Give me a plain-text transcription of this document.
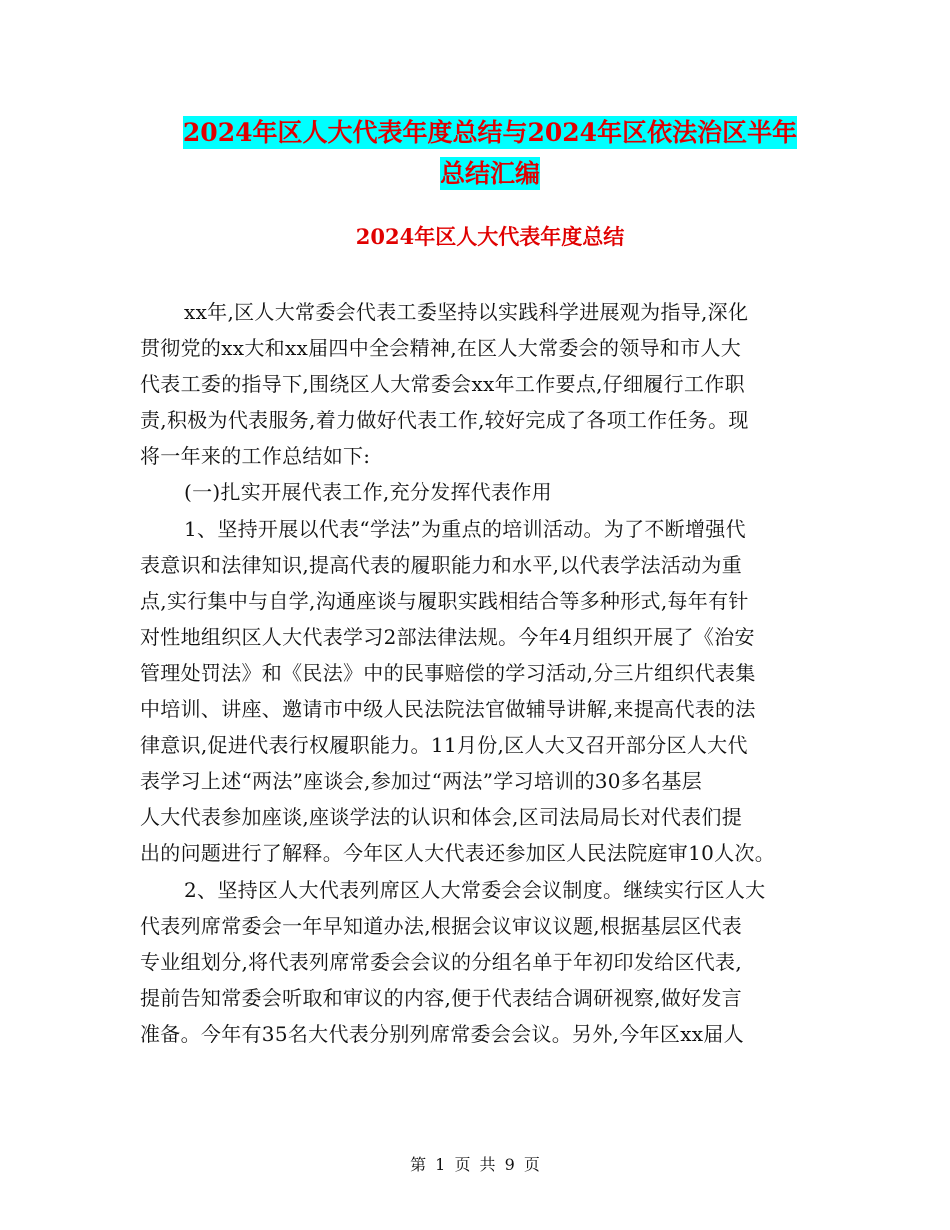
2024年区人大代表年度总结与2024年区依法治区半年
总结汇编
2024年区人大代表年度总结
xx年,区人大常委会代表工委坚持以实践科学进展观为指导,深化
贯彻党的xx大和xx届四中全会精神,在区人大常委会的领导和市人大
代表工委的指导下,围绕区人大常委会xx年工作要点,仔细履行工作职
责,积极为代表服务,着力做好代表工作,较好完成了各项工作任务。现
将一年来的工作总结如下:
(一)扎实开展代表工作,充分发挥代表作用
1、坚持开展以代表“学法”为重点的培训活动。为了不断增强代
表意识和法律知识,提高代表的履职能力和水平,以代表学法活动为重
点,实行集中与自学,沟通座谈与履职实践相结合等多种形式,每年有针
对性地组织区人大代表学习2部法律法规。今年4月组织开展了《治安
管理处罚法》和《民法》中的民事赔偿的学习活动,分三片组织代表集
中培训、讲座、邀请市中级人民法院法官做辅导讲解,来提高代表的法
律意识,促进代表行权履职能力。11月份,区人大又召开部分区人大代
表学习上述“两法”座谈会,参加过“两法”学习培训的30多名基层
人大代表参加座谈,座谈学法的认识和体会,区司法局局长对代表们提
出的问题进行了解释。今年区人大代表还参加区人民法院庭审10人次。
2、坚持区人大代表列席区人大常委会会议制度。继续实行区人大
代表列席常委会一年早知道办法,根据会议审议议题,根据基层区代表
专业组划分,将代表列席常委会会议的分组名单于年初印发给区代表,
提前告知常委会听取和审议的内容,便于代表结合调研视察,做好发言
准备。今年有35名大代表分别列席常委会会议。另外,今年区xx届人
第 1 页 共 9 页
